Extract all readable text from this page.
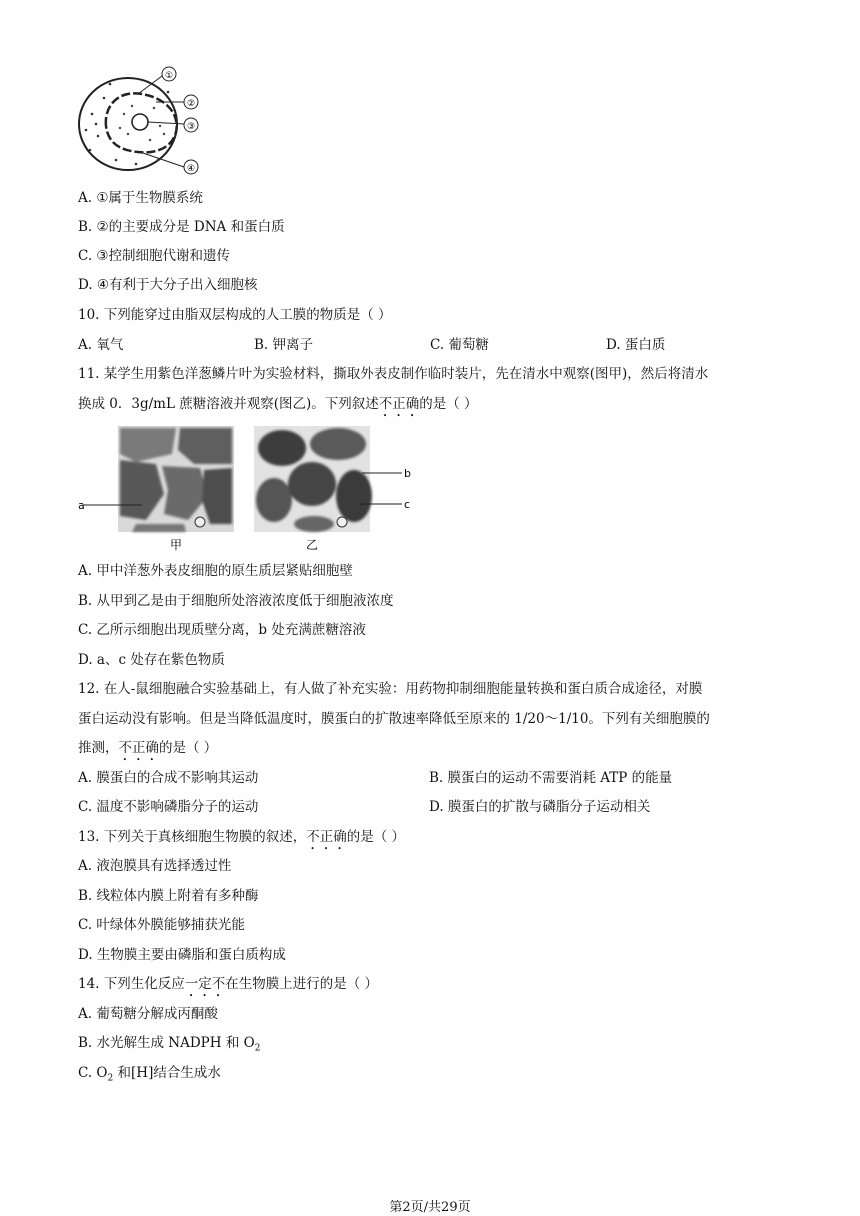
①
②
③
④
A. ①属于生物膜系统
B. ②的主要成分是 DNA 和蛋白质
C. ③控制细胞代谢和遗传
D. ④有利于大分子出入细胞核
10. 下列能穿过由脂双层构成的人工膜的物质是（ ）
A. 氧气	B. 钾离子	C. 葡萄糖	D. 蛋白质
11. 某学生用紫色洋葱鳞片叶为实验材料，撕取外表皮制作临时装片，先在清水中观察(图甲)，然后将清水
换成 0．3g/mL 蔗糖溶液并观察(图乙)。下列叙述不正确的是（ ）
a
b
c
甲	乙
A. 甲中洋葱外表皮细胞的原生质层紧贴细胞壁
B. 从甲到乙是由于细胞所处溶液浓度低于细胞液浓度
C. 乙所示细胞出现质壁分离，b 处充满蔗糖溶液
D. a、c 处存在紫色物质
12. 在人-鼠细胞融合实验基础上，有人做了补充实验：用药物抑制细胞能量转换和蛋白质合成途径，对膜
蛋白运动没有影响。但是当降低温度时，膜蛋白的扩散速率降低至原来的 1/20～1/10。下列有关细胞膜的
推测，不正确的是（ ）
A. 膜蛋白的合成不影响其运动	B. 膜蛋白的运动不需要消耗 ATP 的能量
C. 温度不影响磷脂分子的运动	D. 膜蛋白的扩散与磷脂分子运动相关
13. 下列关于真核细胞生物膜的叙述，不正确的是（ ）
A. 液泡膜具有选择透过性
B. 线粒体内膜上附着有多种酶
C. 叶绿体外膜能够捕获光能
D. 生物膜主要由磷脂和蛋白质构成
14. 下列生化反应一定不在生物膜上进行的是（ ）
A. 葡萄糖分解成丙酮酸
B. 水光解生成 NADPH 和 $O_2$
C. $O_2$ 和[H]结合生成水
第2页/共29页
